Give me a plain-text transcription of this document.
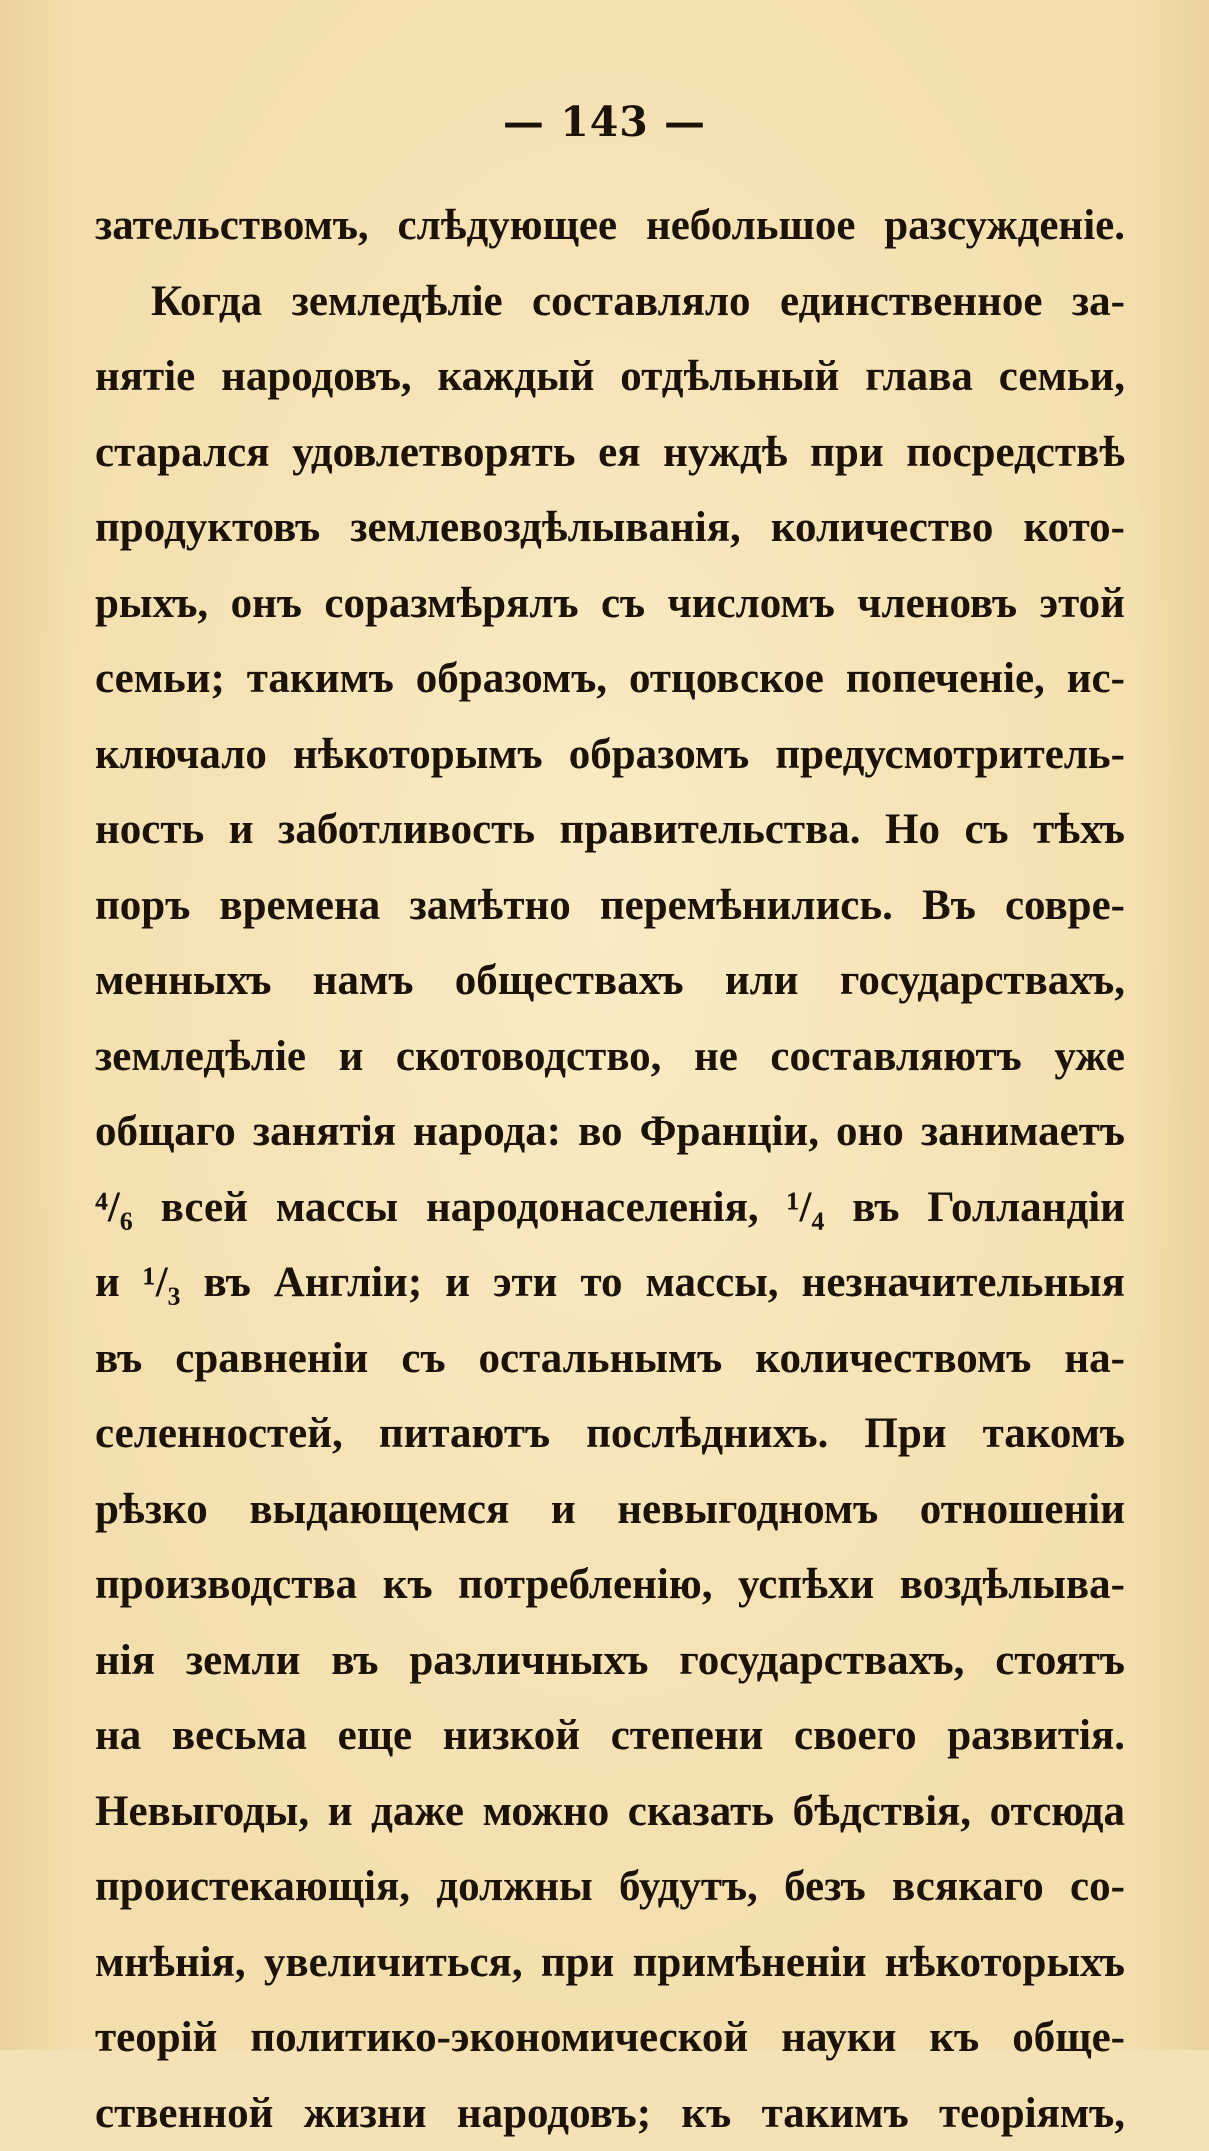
— 143 —
зательствомъ, слѣдующее небольшое разсужденіе.
Когда земледѣліе составляло единственное за-
нятіе народовъ, каждый отдѣльный глава семьи,
старался удовлетворять ея нуждѣ при посредствѣ
продуктовъ землевоздѣлыванія, количество кото-
рыхъ, онъ соразмѣрялъ съ числомъ членовъ этой
семьи; такимъ образомъ, отцовское попеченіе, ис-
ключало нѣкоторымъ образомъ предусмотритель-
ность и заботливость правительства. Но съ тѣхъ
поръ времена замѣтно перемѣнились. Въ совре-
менныхъ намъ обществахъ или государствахъ,
земледѣліе и скотоводство, не составляютъ уже
общаго занятія народа: во Франціи, оно занимаетъ
⁴/₆ всей массы народонаселенія, ¹/₄ въ Голландіи
и ¹/₃ въ Англіи; и эти то массы, незначительныя
въ сравненіи съ остальнымъ количествомъ на-
селенностей, питаютъ послѣднихъ. При такомъ
рѣзко выдающемся и невыгодномъ отношеніи
производства къ потребленію, успѣхи воздѣлыва-
нія земли въ различныхъ государствахъ, стоятъ
на весьма еще низкой степени своего развитія.
Невыгоды, и даже можно сказать бѣдствія, отсюда
проистекающія, должны будутъ, безъ всякаго со-
мнѣнія, увеличиться, при примѣненіи нѣкоторыхъ
теорій политико-экономической науки къ обще-
ственной жизни народовъ; къ такимъ теоріямъ,
